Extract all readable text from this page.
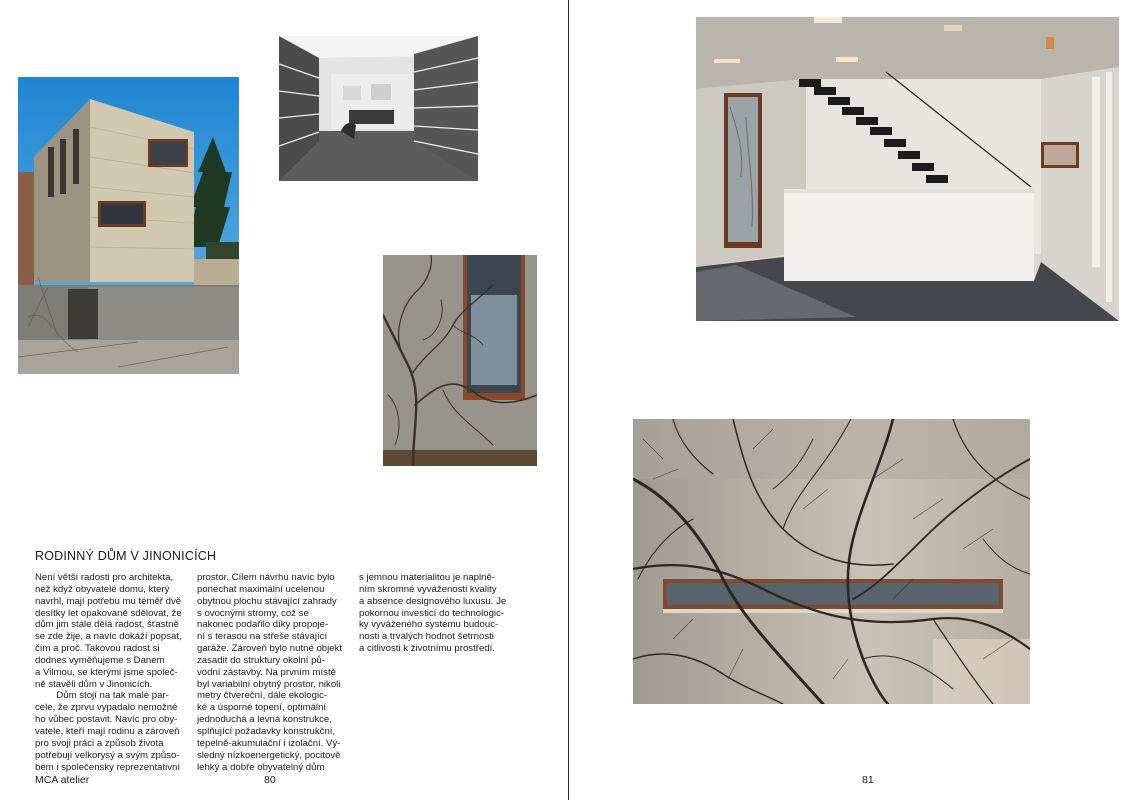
RODINNÝ DŮM V JINONICÍCH

Není větší radosti pro architekta,

než když obyvatelé domu, který

navrhl, mají potřebu mu téměř dvě

desítky let opakovaně sdělovat, že

dům jim stále dělá radost, šťastně

se zde žije, a navíc dokáží popsat,

čím a proč. Takovou radost si

dodnes vyměňujeme s Danem

a Vilmou, se kterými jsme společ-

ně stavěli dům v Jinonicích.

Dům stojí na tak malé par-

cele, že zprvu vypadalo nemožné

ho vůbec postavit. Navíc pro oby-

vatele, kteří mají rodinu a zároveň

pro svoji práci a způsob života

potřebují velkorysý a svým způso-

bem i společensky reprezentativní

prostor. Cílem návrhu navíc bylo

ponechat maximální ucelenou

obytnou plochu stávající zahrady

s ovocnými stromy, což se

nakonec podařilo díky propoje-

ní s terasou na střeše stávající

garáže. Zároveň bylo nutné objekt

zasadit do struktury okolní pů-

vodní zástavby. Na prvním místě

byl variabilní obytný prostor, nikoli

metry čtvereční, dále ekologic-

ké a úsporné topení, optimální

jednoduchá a levná konstrukce,

splňující požadavky konstrukční,

tepelně-akumulační i izolační. Vý-

sledný nízkoenergetický, pocitově

lehký a dobře obyvatelný dům

s jemnou materialitou je naplně-

ním skromné vyváženosti kvality

a absence designového luxusu. Je

pokornou investicí do technologic-

ky vyváženého systému budouc-

nosti a trvalých hodnot šetrnosti

a citlivosti k životnímu prostředí.

MCA atelier	80	81
